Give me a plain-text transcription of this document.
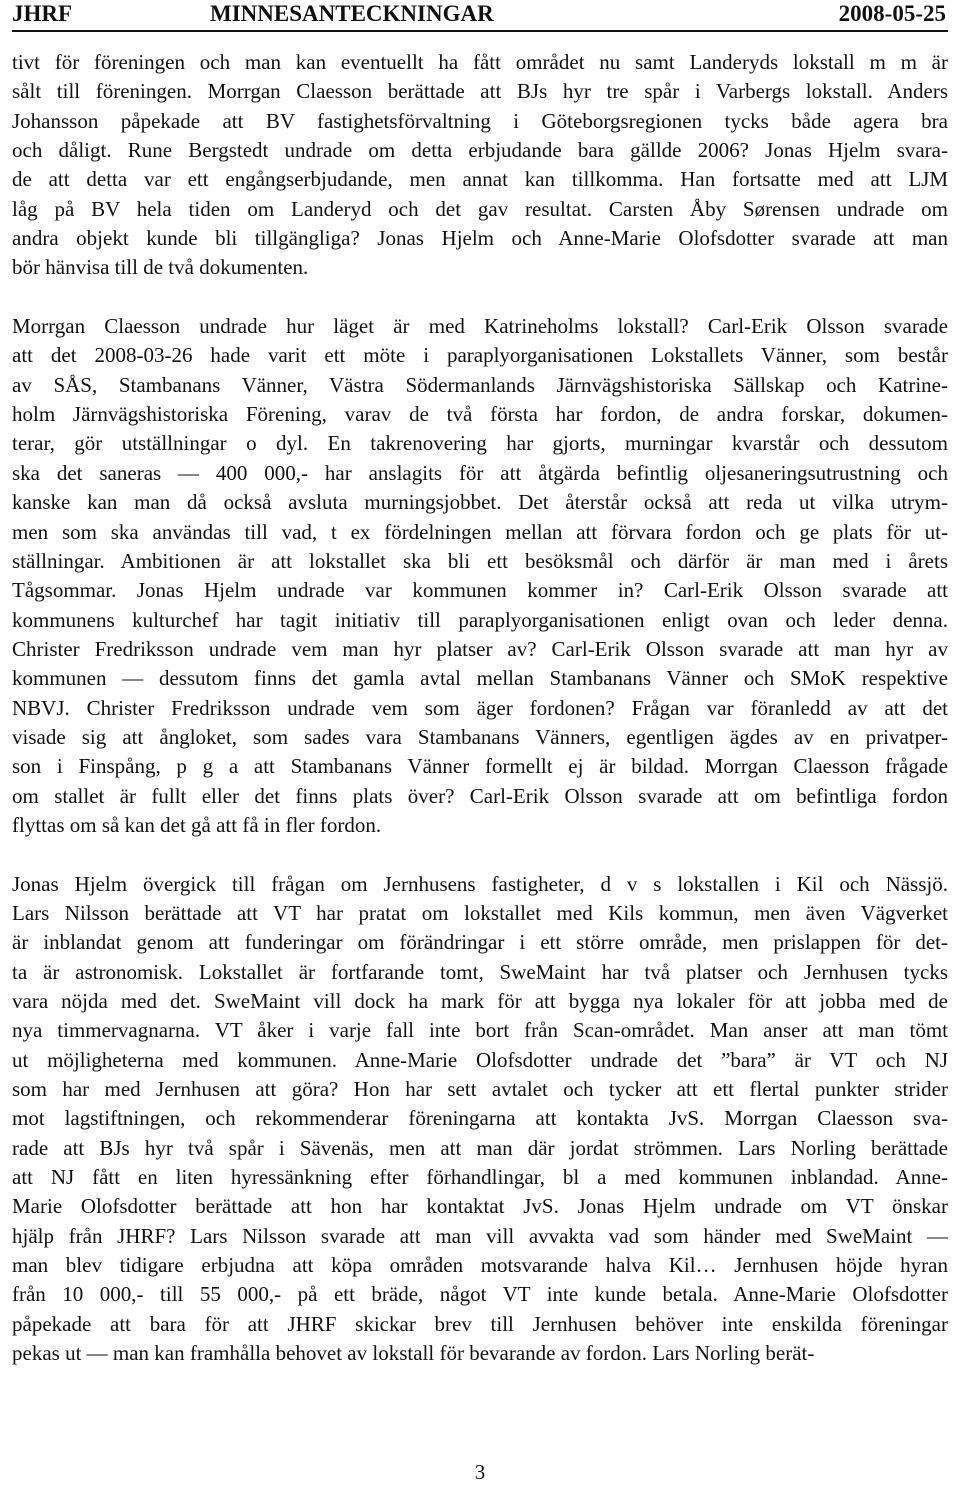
JHRF	MINNESANTECKNINGAR	2008-05-25
tivt för föreningen och man kan eventuellt ha fått området nu samt Landeryds lokstall m m är
sålt till föreningen. Morrgan Claesson berättade att BJs hyr tre spår i Varbergs lokstall. Anders
Johansson påpekade att BV fastighetsförvaltning i Göteborgsregionen tycks både agera bra
och dåligt. Rune Bergstedt undrade om detta erbjudande bara gällde 2006? Jonas Hjelm svara-
de att detta var ett engångserbjudande, men annat kan tillkomma. Han fortsatte med att LJM
låg på BV hela tiden om Landeryd och det gav resultat. Carsten Åby Sørensen undrade om
andra objekt kunde bli tillgängliga? Jonas Hjelm och Anne-Marie Olofsdotter svarade att man
bör hänvisa till de två dokumenten.
Morrgan Claesson undrade hur läget är med Katrineholms lokstall? Carl-Erik Olsson svarade
att det 2008-03-26 hade varit ett möte i paraplyorganisationen Lokstallets Vänner, som består
av SÅS, Stambanans Vänner, Västra Södermanlands Järnvägshistoriska Sällskap och Katrine-
holm Järnvägshistoriska Förening, varav de två första har fordon, de andra forskar, dokumen-
terar, gör utställningar o dyl. En takrenovering har gjorts, murningar kvarstår och dessutom
ska det saneras — 400 000,- har anslagits för att åtgärda befintlig oljesaneringsutrustning och
kanske kan man då också avsluta murningsjobbet. Det återstår också att reda ut vilka utrym-
men som ska användas till vad, t ex fördelningen mellan att förvara fordon och ge plats för ut-
ställningar. Ambitionen är att lokstallet ska bli ett besöksmål och därför är man med i årets
Tågsommar. Jonas Hjelm undrade var kommunen kommer in? Carl-Erik Olsson svarade att
kommunens kulturchef har tagit initiativ till paraplyorganisationen enligt ovan och leder denna.
Christer Fredriksson undrade vem man hyr platser av? Carl-Erik Olsson svarade att man hyr av
kommunen — dessutom finns det gamla avtal mellan Stambanans Vänner och SMoK respektive
NBVJ. Christer Fredriksson undrade vem som äger fordonen? Frågan var föranledd av att det
visade sig att ångloket, som sades vara Stambanans Vänners, egentligen ägdes av en privatper-
son i Finspång, p g a att Stambanans Vänner formellt ej är bildad. Morrgan Claesson frågade
om stallet är fullt eller det finns plats över? Carl-Erik Olsson svarade att om befintliga fordon
flyttas om så kan det gå att få in fler fordon.
Jonas Hjelm övergick till frågan om Jernhusens fastigheter, d v s lokstallen i Kil och Nässjö.
Lars Nilsson berättade att VT har pratat om lokstallet med Kils kommun, men även Vägverket
är inblandat genom att funderingar om förändringar i ett större område, men prislappen för det-
ta är astronomisk. Lokstallet är fortfarande tomt, SweMaint har två platser och Jernhusen tycks
vara nöjda med det. SweMaint vill dock ha mark för att bygga nya lokaler för att jobba med de
nya timmervagnarna. VT åker i varje fall inte bort från Scan-området. Man anser att man tömt
ut möjligheterna med kommunen. Anne-Marie Olofsdotter undrade det ”bara” är VT och NJ
som har med Jernhusen att göra? Hon har sett avtalet och tycker att ett flertal punkter strider
mot lagstiftningen, och rekommenderar föreningarna att kontakta JvS. Morrgan Claesson sva-
rade att BJs hyr två spår i Sävenäs, men att man där jordat strömmen. Lars Norling berättade
att NJ fått en liten hyressänkning efter förhandlingar, bl a med kommunen inblandad. Anne-
Marie Olofsdotter berättade att hon har kontaktat JvS. Jonas Hjelm undrade om VT önskar
hjälp från JHRF? Lars Nilsson svarade att man vill avvakta vad som händer med SweMaint —
man blev tidigare erbjudna att köpa områden motsvarande halva Kil… Jernhusen höjde hyran
från 10 000,- till 55 000,- på ett bräde, något VT inte kunde betala. Anne-Marie Olofsdotter
påpekade att bara för att JHRF skickar brev till Jernhusen behöver inte enskilda föreningar
pekas ut — man kan framhålla behovet av lokstall för bevarande av fordon. Lars Norling berät-
3
